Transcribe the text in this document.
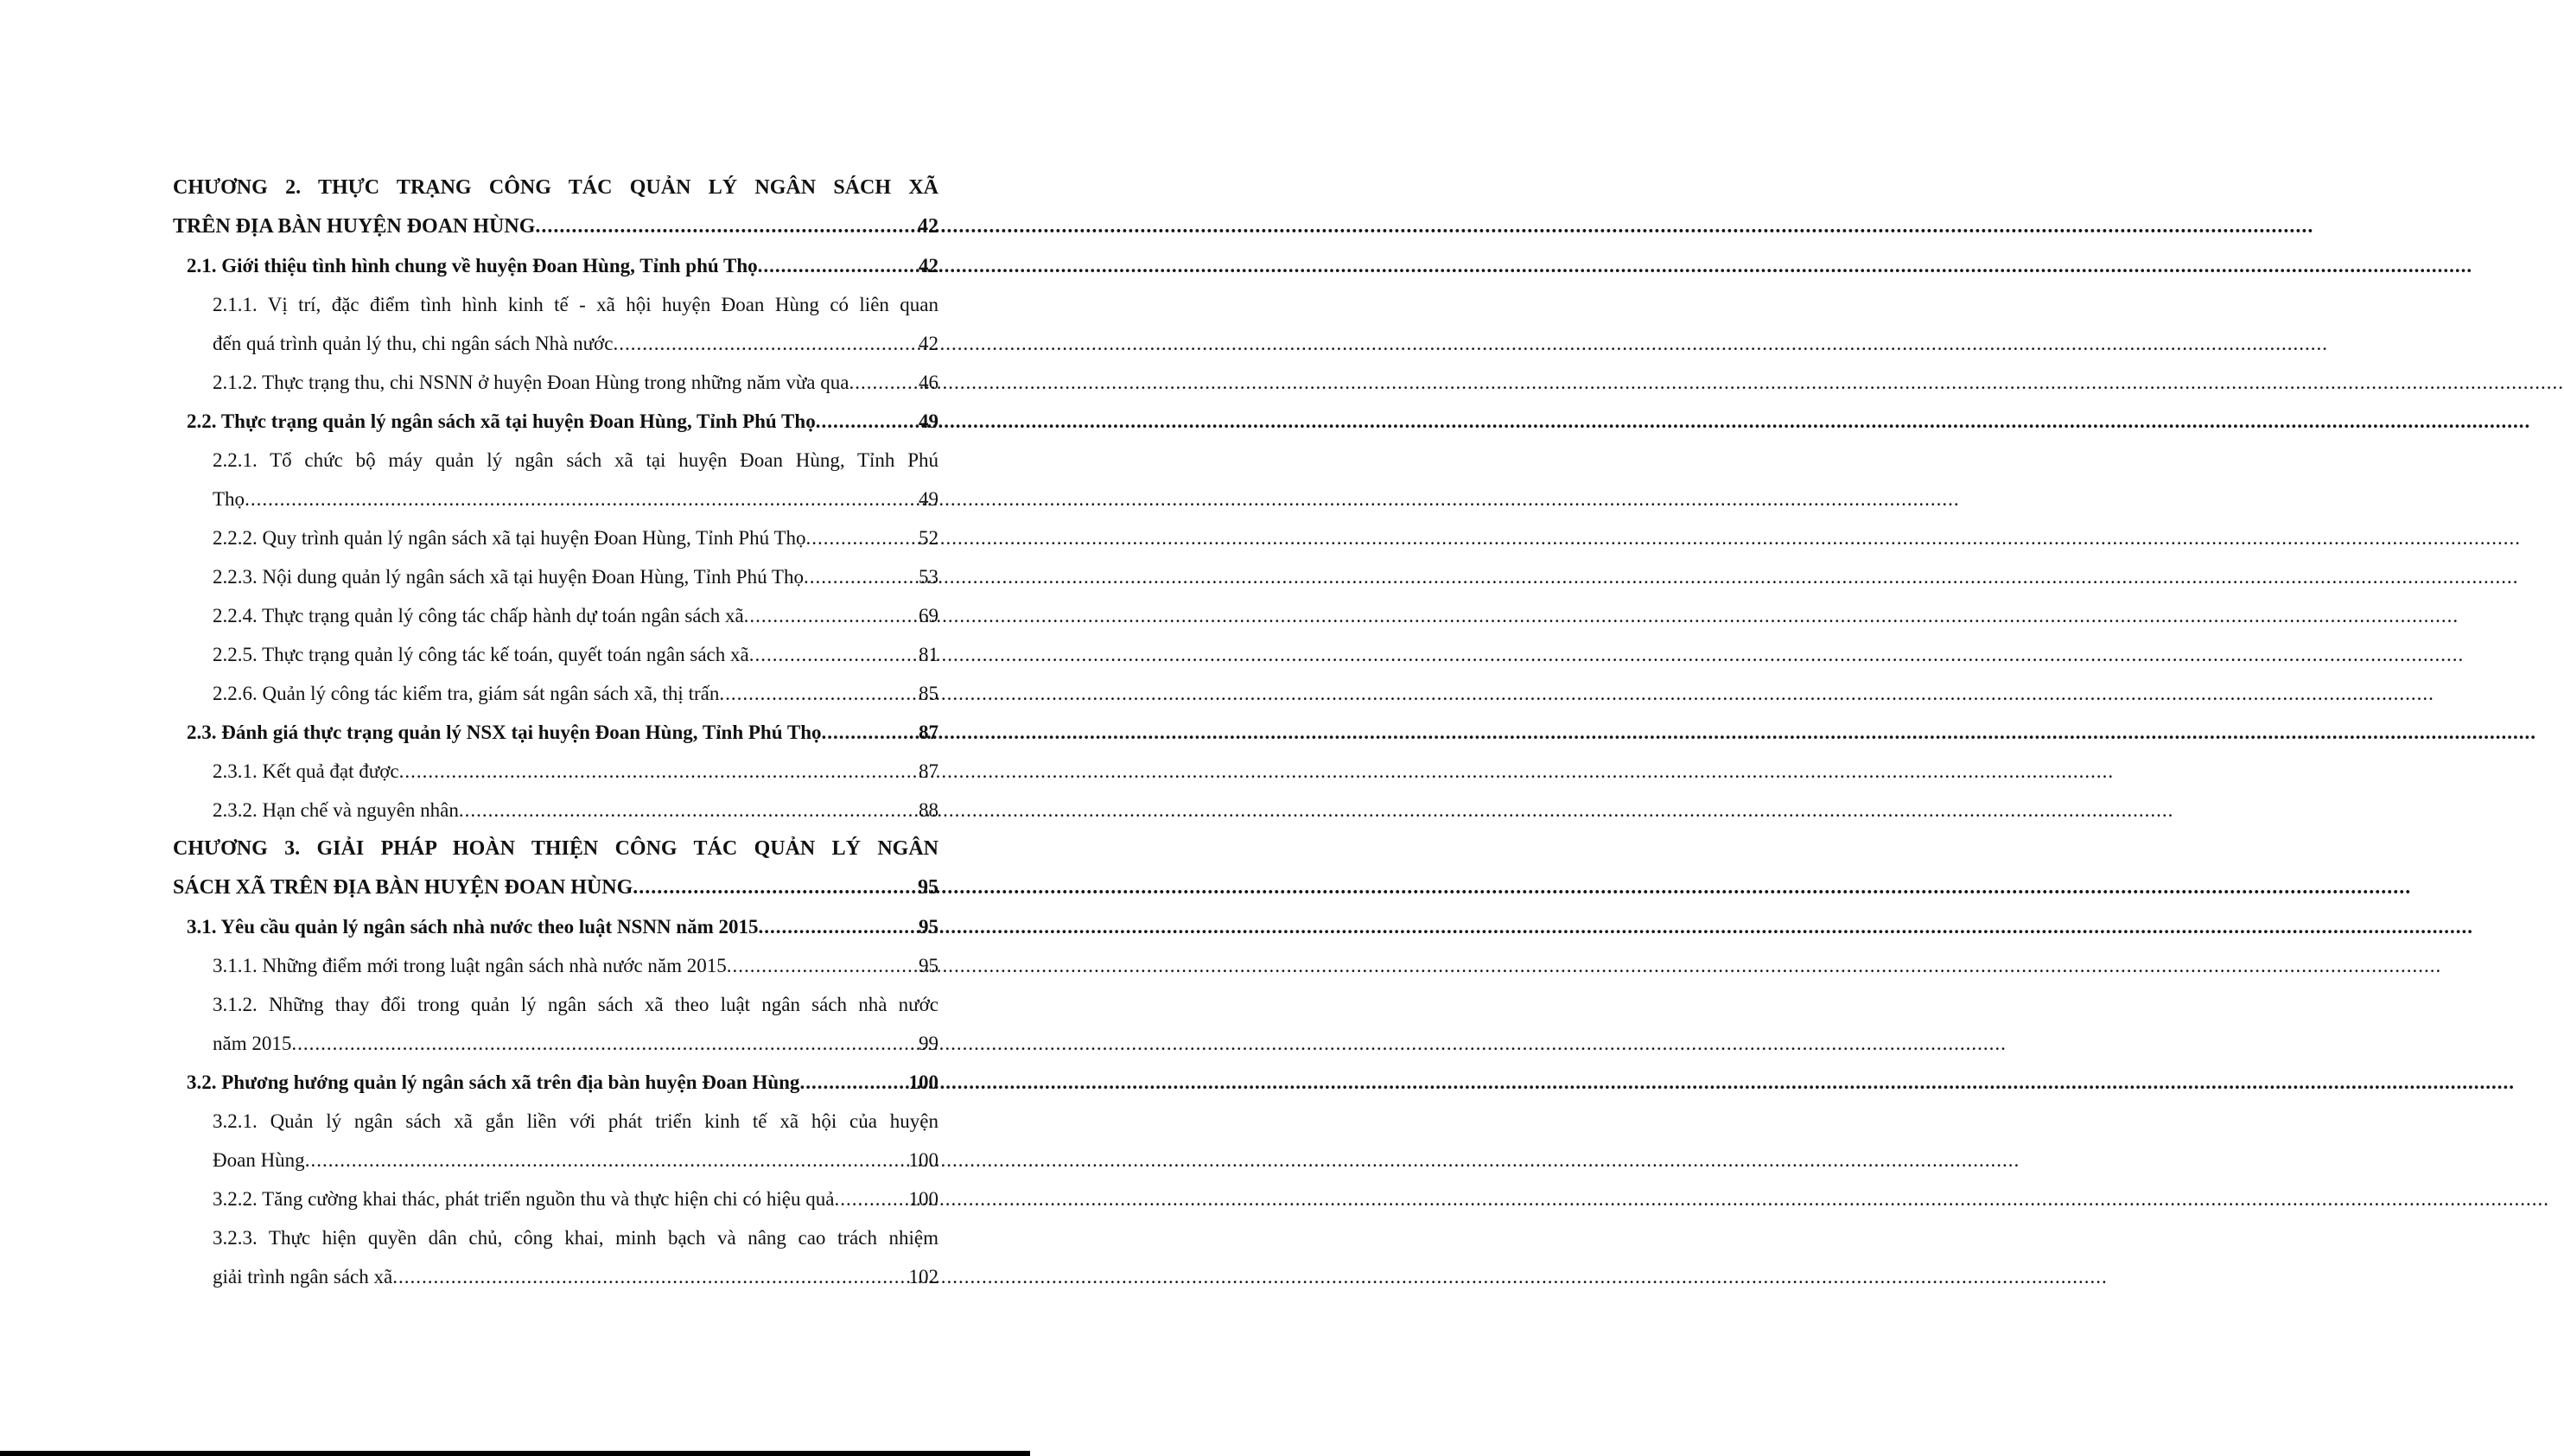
CHƯƠNG 2. THỰC TRẠNG CÔNG TÁC QUẢN LÝ NGÂN SÁCH XÃ
TRÊN ĐỊA BÀN HUYỆN ĐOAN HÙNG .....	42
2.1. Giới thiệu tình hình chung về huyện Đoan Hùng, Tỉnh phú Thọ .....	42
2.1.1. Vị trí, đặc điểm tình hình kinh tế - xã hội huyện Đoan Hùng có liên quan
đến quá trình quản lý thu, chi ngân sách Nhà nước .....	42
2.1.2. Thực trạng thu, chi NSNN ở huyện Đoan Hùng trong những năm vừa qua .....	46
2.2. Thực trạng quản lý ngân sách xã tại huyện Đoan Hùng, Tỉnh Phú Thọ .....	49
2.2.1. Tổ chức bộ máy quản lý ngân sách xã tại huyện Đoan Hùng, Tỉnh Phú
Thọ .....	49
2.2.2. Quy trình quản lý ngân sách xã tại huyện Đoan Hùng, Tỉnh Phú Thọ .....	52
2.2.3. Nội dung quản lý ngân sách xã tại huyện Đoan Hùng, Tỉnh Phú Thọ .....	53
2.2.4. Thực trạng quản lý công tác chấp hành dự toán ngân sách xã .....	69
2.2.5. Thực trạng quản lý công tác kế toán, quyết toán ngân sách xã .....	81
2.2.6. Quản lý công tác kiểm tra, giám sát ngân sách xã, thị trấn .....	85
2.3. Đánh giá thực trạng quản lý NSX tại huyện Đoan Hùng, Tỉnh Phú Thọ .....	87
2.3.1. Kết quả đạt được .....	87
2.3.2. Hạn chế và nguyên nhân .....	88
CHƯƠNG 3. GIẢI PHÁP HOÀN THIỆN CÔNG TÁC QUẢN LÝ NGÂN
SÁCH XÃ TRÊN ĐỊA BÀN HUYỆN ĐOAN HÙNG .....	95
3.1. Yêu cầu quản lý ngân sách nhà nước theo luật NSNN năm 2015 .....	95
3.1.1. Những điểm mới trong luật ngân sách nhà nước năm 2015 .....	95
3.1.2. Những thay đổi trong quản lý ngân sách xã theo luật ngân sách nhà nước
năm 2015 .....	99
3.2. Phương hướng quản lý ngân sách xã trên địa bàn huyện Đoan Hùng .....	100
3.2.1. Quản lý ngân sách xã gắn liền với phát triển kinh tế xã hội của huyện
Đoan Hùng .....	100
3.2.2. Tăng cường khai thác, phát triển nguồn thu và thực hiện chi có hiệu quả .....	100
3.2.3. Thực hiện quyền dân chủ, công khai, minh bạch và nâng cao trách nhiệm
giải trình ngân sách xã .....	102
